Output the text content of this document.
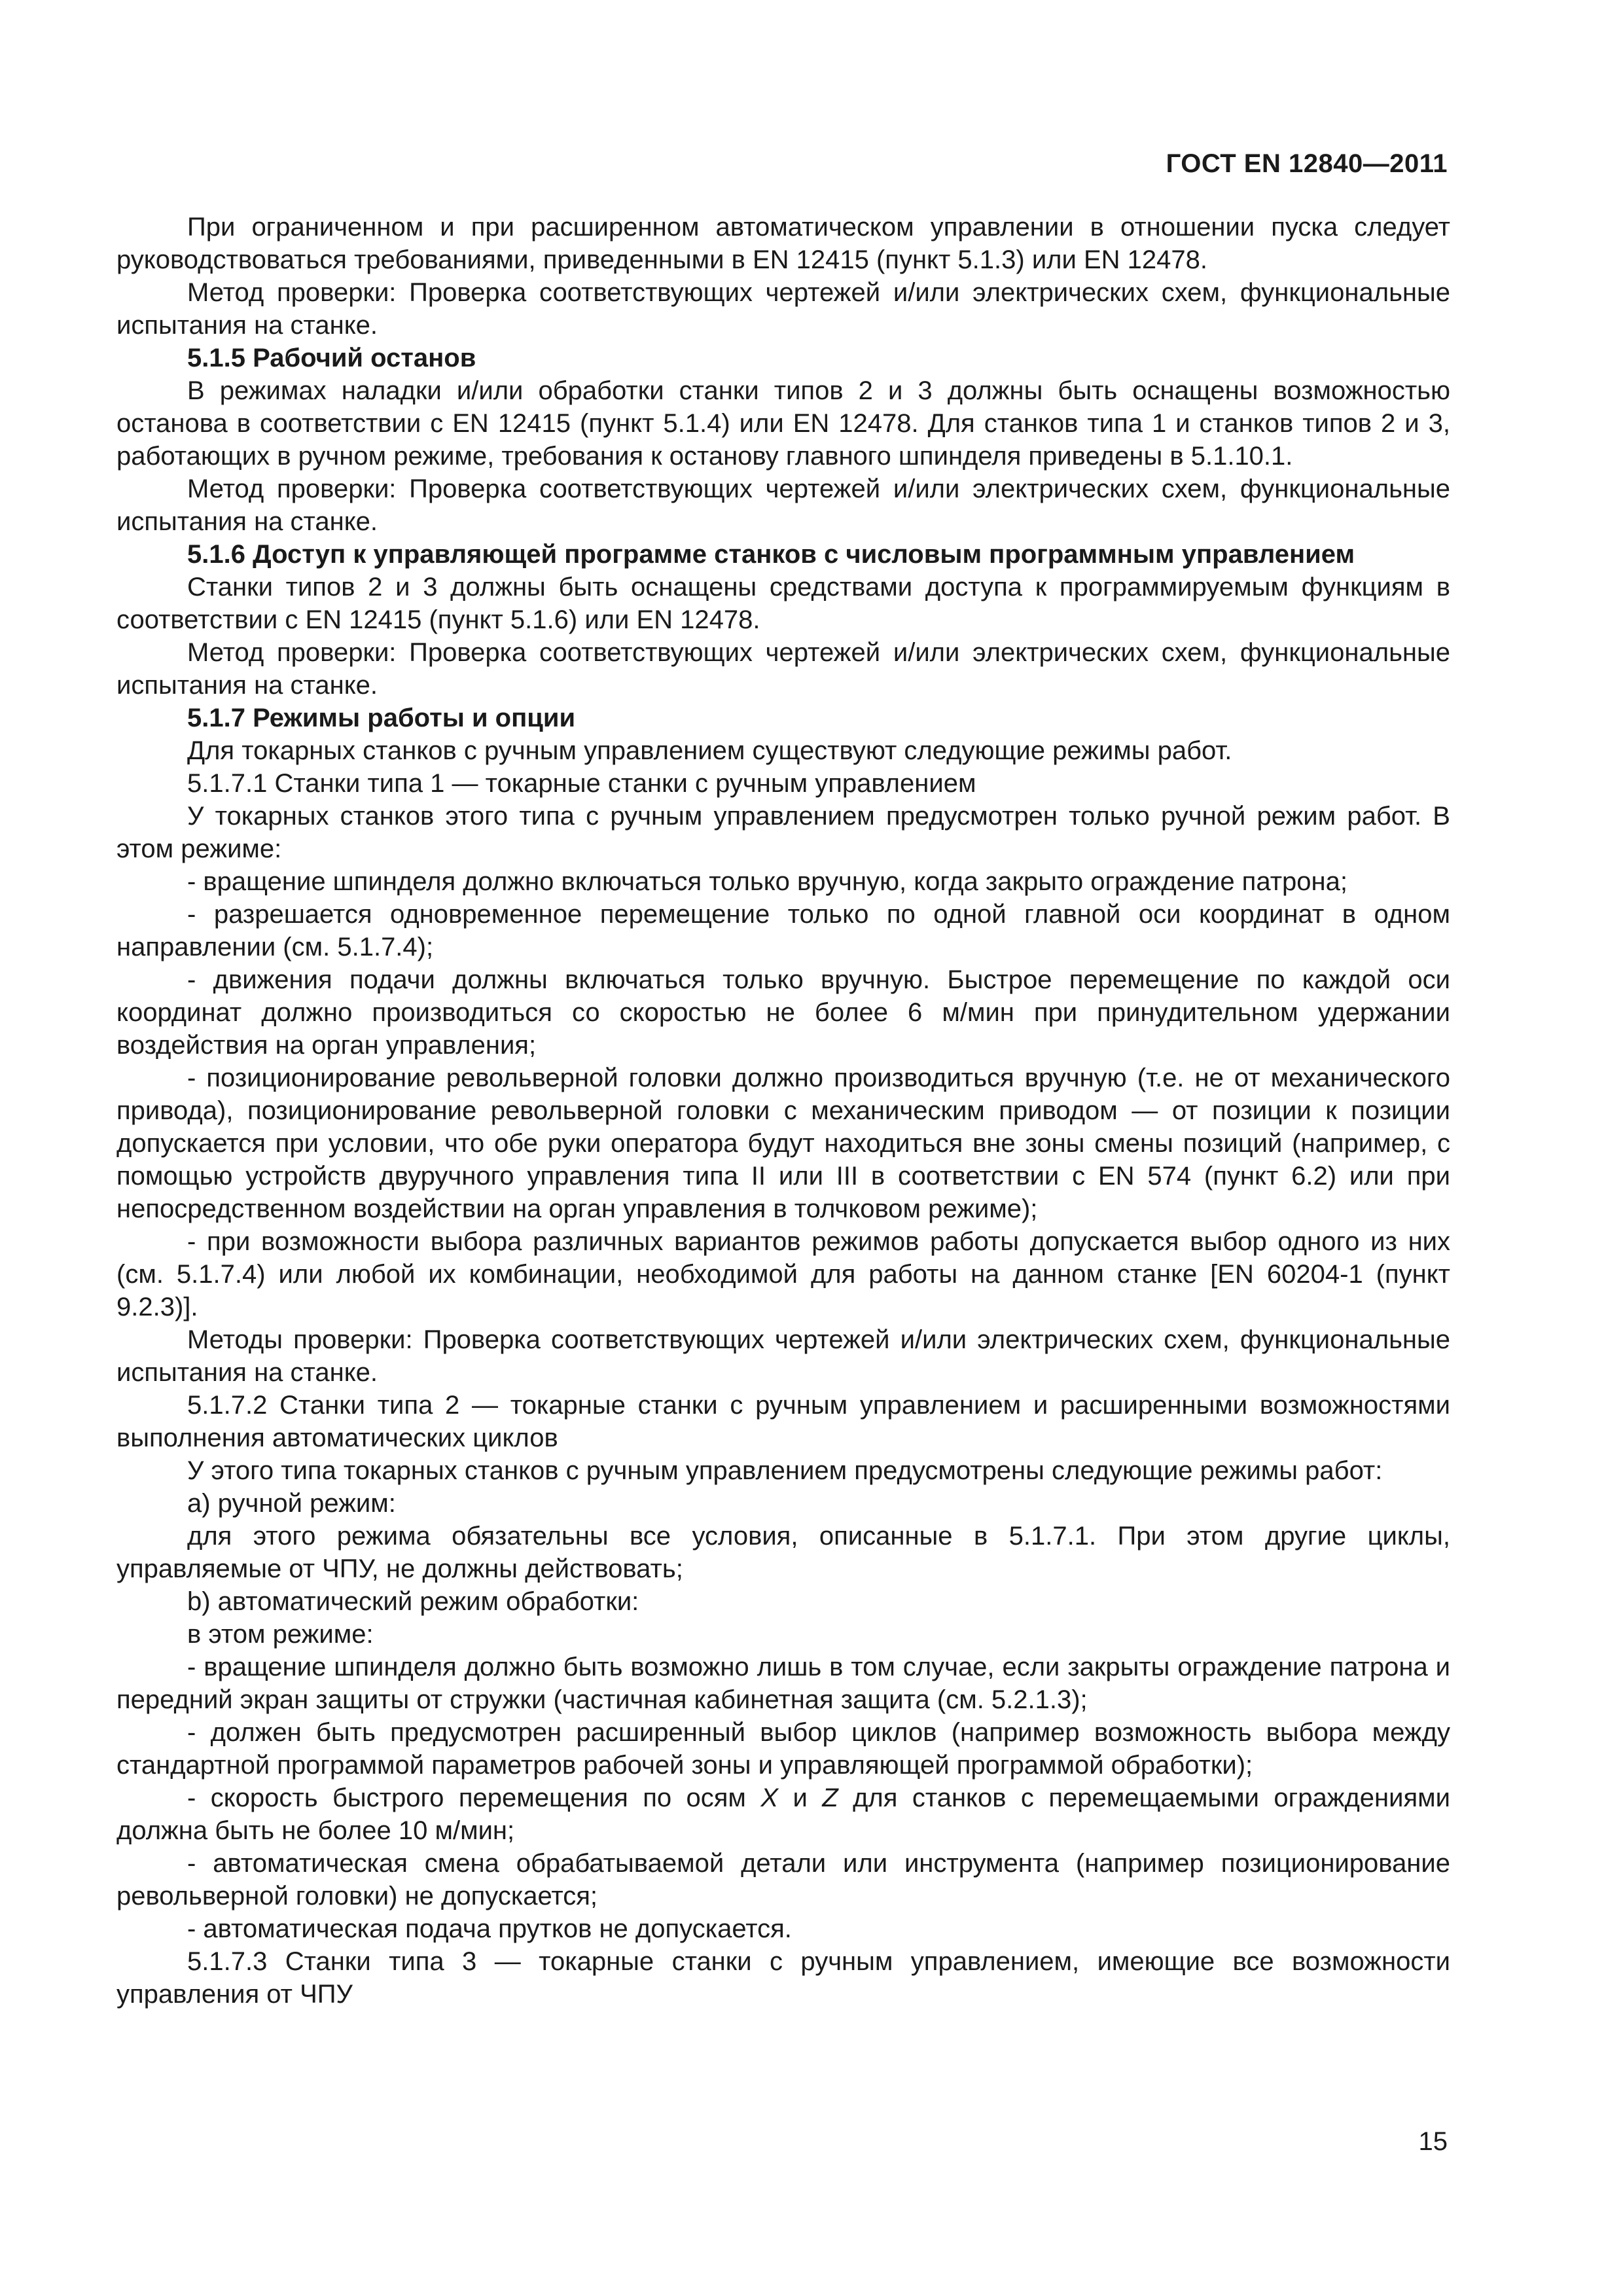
ГОСТ EN 12840—2011

При ограниченном и при расширенном автоматическом управлении в отношении пуска следует руководствоваться требованиями, приведенными в EN 12415 (пункт 5.1.3) или EN 12478.

Метод проверки: Проверка соответствующих чертежей и/или электрических схем, функциональные испытания на станке.

5.1.5 Рабочий останов

В режимах наладки и/или обработки станки типов 2 и 3 должны быть оснащены возможностью останова в соответствии с EN 12415 (пункт 5.1.4) или EN 12478. Для станков типа 1 и станков типов 2 и 3, работающих в ручном режиме, требования к останову главного шпинделя приведены в 5.1.10.1.

Метод проверки: Проверка соответствующих чертежей и/или электрических схем, функциональные испытания на станке.

5.1.6 Доступ к управляющей программе станков с числовым программным управлением

Станки типов 2 и 3 должны быть оснащены средствами доступа к программируемым функциям в соответствии с EN 12415 (пункт 5.1.6) или EN 12478.

Метод проверки: Проверка соответствующих чертежей и/или электрических схем, функциональные испытания на станке.

5.1.7 Режимы работы и опции

Для токарных станков с ручным управлением существуют следующие режимы работ.

5.1.7.1 Станки типа 1 — токарные станки с ручным управлением

У токарных станков этого типа с ручным управлением предусмотрен только ручной режим работ. В этом режиме:

- вращение шпинделя должно включаться только вручную, когда закрыто ограждение патрона;

- разрешается одновременное перемещение только по одной главной оси координат в одном направлении (см. 5.1.7.4);

- движения подачи должны включаться только вручную. Быстрое перемещение по каждой оси координат должно производиться со скоростью не более 6 м/мин при принудительном удержании воздействия на орган управления;

- позиционирование револьверной головки должно производиться вручную (т.е. не от механического привода), позиционирование револьверной головки с механическим приводом — от позиции к позиции допускается при условии, что обе руки оператора будут находиться вне зоны смены позиций (например, с помощью устройств двуручного управления типа II или III в соответствии с EN 574 (пункт 6.2) или при непосредственном воздействии на орган управления в толчковом режиме);

- при возможности выбора различных вариантов режимов работы допускается выбор одного из них (см. 5.1.7.4) или любой их комбинации, необходимой для работы на данном станке [EN 60204-1 (пункт 9.2.3)].

Методы проверки: Проверка соответствующих чертежей и/или электрических схем, функциональные испытания на станке.

5.1.7.2 Станки типа 2 — токарные станки с ручным управлением и расширенными возможностями выполнения автоматических циклов

У этого типа токарных станков с ручным управлением предусмотрены следующие режимы работ:

a) ручной режим:

для этого режима обязательны все условия, описанные в 5.1.7.1. При этом другие циклы, управляемые от ЧПУ, не должны действовать;

b) автоматический режим обработки:

в этом режиме:

- вращение шпинделя должно быть возможно лишь в том случае, если закрыты ограждение патрона и передний экран защиты от стружки (частичная кабинетная защита (см. 5.2.1.3);

- должен быть предусмотрен расширенный выбор циклов (например возможность выбора между стандартной программой параметров рабочей зоны и управляющей программой обработки);

- скорость быстрого перемещения по осям X и Z для станков с перемещаемыми ограждениями должна быть не более 10 м/мин;

- автоматическая смена обрабатываемой детали или инструмента (например позиционирование револьверной головки) не допускается;

- автоматическая подача прутков не допускается.

5.1.7.3 Станки типа 3 — токарные станки с ручным управлением, имеющие все возможности управления от ЧПУ

15
